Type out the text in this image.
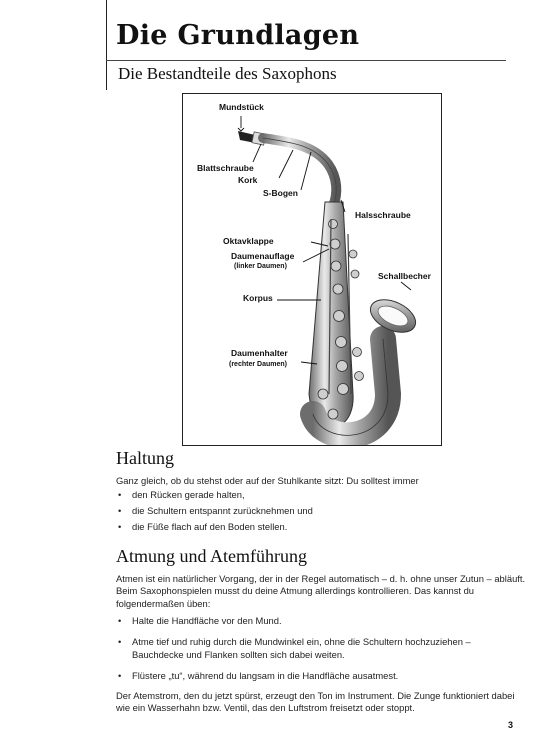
Die Grundlagen
Die Bestandteile des Saxophons
Mundstück
Blattschraube
Kork
S-Bogen
Halsschraube
Oktavklappe
Daumenauflage
(linker Daumen)
Schallbecher
Korpus
Daumenhalter
(rechter Daumen)
Haltung
Ganz gleich, ob du stehst oder auf der Stuhlkante sitzt: Du solltest immer
• den Rücken gerade halten,
• die Schultern entspannt zurücknehmen und
• die Füße flach auf den Boden stellen.
Atmung und Atemführung
Atmen ist ein natürlicher Vorgang, der in der Regel automatisch – d. h. ohne unser Zutun – abläuft.
Beim Saxophonspielen musst du deine Atmung allerdings kontrollieren. Das kannst du
folgendermaßen üben:
• Halte die Handfläche vor den Mund.
• Atme tief und ruhig durch die Mundwinkel ein, ohne die Schultern hochzuziehen –
Bauchdecke und Flanken sollten sich dabei weiten.
• Flüstere „tu“, während du langsam in die Handfläche ausatmest.
Der Atemstrom, den du jetzt spürst, erzeugt den Ton im Instrument. Die Zunge funktioniert dabei
wie ein Wasserhahn bzw. Ventil, das den Luftstrom freisetzt oder stoppt.
3
